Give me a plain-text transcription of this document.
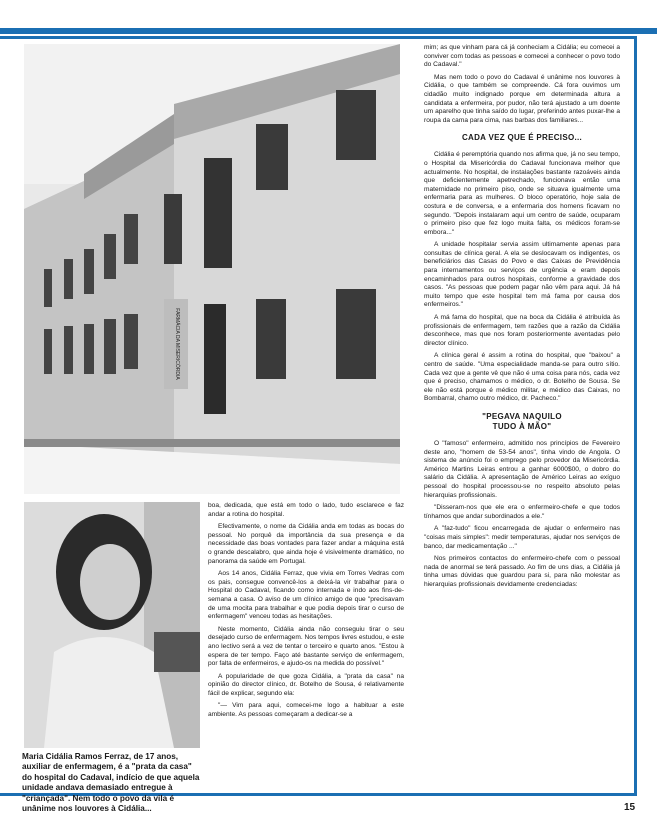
FARMÁCIA DA MISERICÓRDIA
Maria Cidália Ramos Ferraz, de 17 anos, auxiliar de enfermagem, é a "prata da casa" do hospital do Cadaval, indício de que aquela unidade andava demasiado entregue à "criançada". Nem todo o povo da vila é unânime nos louvores à Cidália...

boa, dedicada, que está em todo o lado, tudo esclarece e faz andar a rotina do hospital.

Efectivamente, o nome da Cidália anda em todas as bocas do pessoal. No porquê da importância da sua presença e da necessidade das boas vontades para fazer andar a máquina está o grande descalabro, que ainda hoje é visivelmente dramático, no panorama da saúde em Portugal.

Aos 14 anos, Cidália Ferraz, que vivia em Torres Vedras com os pais, consegue convencê-los a deixá-la vir trabalhar para o Hospital do Cadaval, ficando como internada e indo aos fins-de-semana a casa. O aviso de um clínico amigo de que "precisavam de uma mocita para trabalhar e que podia depois tirar o curso de enfermagem" venceu todas as hesitações.

Neste momento, Cidália ainda não conseguiu tirar o seu desejado curso de enfermagem. Nos tempos livres estudou, e este ano lectivo será a vez de tentar o terceiro e quarto anos. "Estou à espera de ter tempo. Faço até bastante serviço de enfermagem, por falta de enfermeiros, e ajudo-os na medida do possível."

A popularidade de que goza Cidália, a "prata da casa" na opinião do director clínico, dr. Botelho de Sousa, é relativamente fácil de explicar, segundo ela:

"— Vim para aqui, comecei-me logo a habituar a este ambiente. As pessoas começaram a dedicar-se a

mim; as que vinham para cá já conheciam a Cidália; eu comecei a conviver com todas as pessoas e comecei a conhecer o povo todo do Cadaval."

Mas nem todo o povo do Cadaval é unânime nos louvores à Cidália, o que também se compreende. Cá fora ouvimos um cidadão muito indignado porque em determinada altura a candidata a enfermeira, por pudor, não terá ajustado a um doente um aparelho que tinha saído do lugar, preferindo antes puxar-lhe a roupa da cama para cima, nas barbas dos familiares...

CADA VEZ QUE É PRECISO...

Cidália é peremptória quando nos afirma que, já no seu tempo, o Hospital da Misericórdia do Cadaval funcionava melhor que actualmente. No hospital, de instalações bastante razoáveis ainda que deficientemente apetrechado, funcionava então uma maternidade no primeiro piso, onde se situava igualmente uma enfermaria para as mulheres. O bloco operatório, hoje sala de costura e de conversa, e a enfermaria dos homens ficavam no segundo. "Depois instalaram aqui um centro de saúde, ocuparam o primeiro piso que fez logo muita falta, os médicos foram-se embora..."

A unidade hospitalar servia assim ultimamente apenas para consultas de clínica geral. A ela se deslocavam os indigentes, os beneficiários das Casas do Povo e das Caixas de Previdência para internamentos ou serviços de urgência e eram depois encaminhados para outros hospitais, conforme a gravidade dos casos. "As pessoas que podem pagar não vêm para aqui. Já há muito tempo que este hospital tem má fama por causa dos enfermeiros."

A má fama do hospital, que na boca da Cidália é atribuída às profissionais de enfermagem, tem razões que a razão da Cidália desconhece, mas que nos foram posteriormente aventadas pelo director clínico.

A clínica geral é assim a rotina do hospital, que "baixou" a centro de saúde. "Uma especialidade manda-se para outro sítio. Cada vez que a gente vê que não é uma coisa para nós, cada vez que é preciso, chamamos o médico, o dr. Botelho de Sousa. Se ele não está porque é médico militar, e médico das Caixas, no Bombarral, chamo outro médico, dr. Pacheco."

"PEGAVA NAQUILO
TUDO À MÃO"

O "famoso" enfermeiro, admitido nos princípios de Fevereiro deste ano, "homem de 53-54 anos", tinha vindo de Angola. O sistema de anúncio foi o emprego pelo provedor da Misericórdia. Américo Martins Leiras entrou a ganhar 6000$00, o dobro do salário da Cidália. A apresentação de Américo Leiras ao exíguo pessoal do hospital processou-se no respeito absoluto pelas hierarquias profissionais.

"Disseram-nos que ele era o enfermeiro-chefe e que todos tínhamos que andar subordinados a ele."

A "faz-tudo" ficou encarregada de ajudar o enfermeiro nas "coisas mais simples": medir temperaturas, ajudar nos serviços de banco, dar medicamentação ..."

Nos primeiros contactos do enfermeiro-chefe com o pessoal nada de anormal se terá passado. Ao fim de uns dias, a Cidália já tinha umas dúvidas que guardou para si, para não molestar as hierarquias profissionais devidamente credenciadas:

15
